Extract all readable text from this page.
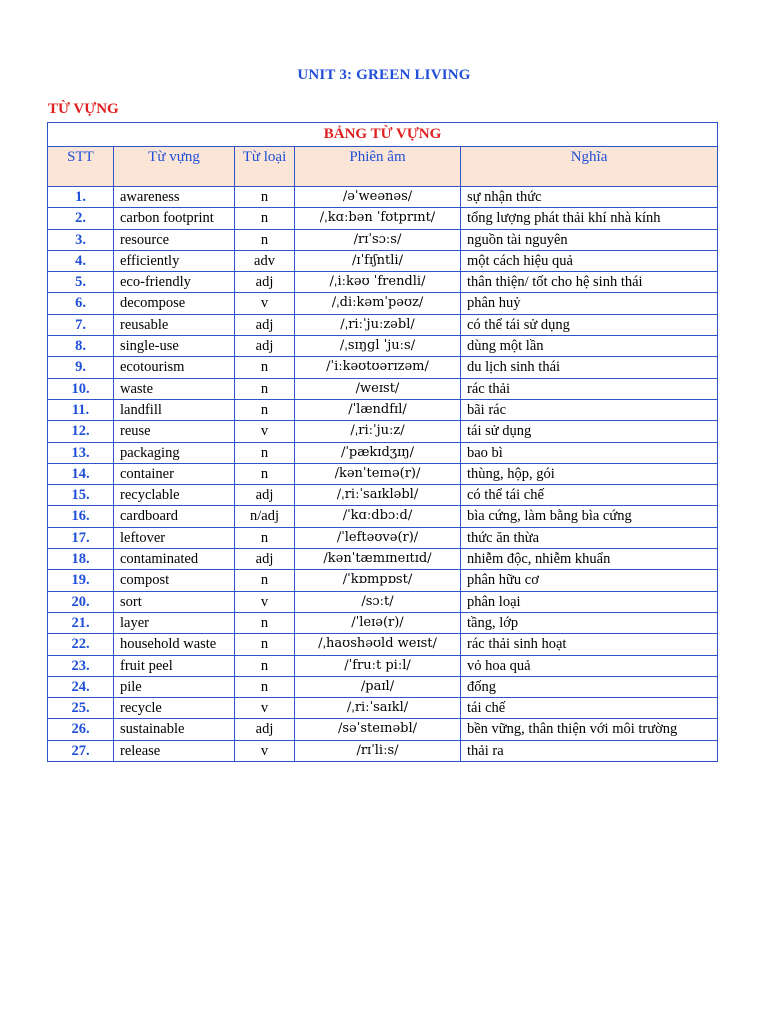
UNIT 3: GREEN LIVING
TỪ VỰNG
BẢNG TỪ VỰNG				
STT	Từ vựng	Từ loại	Phiên âm	Nghĩa
1.	awareness	n	/əˈweənəs/	sự nhận thức
2.	carbon footprint	n	/ˌkɑːbən ˈfʊtprɪnt/	tổng lượng phát thải khí nhà kính
3.	resource	n	/rɪˈsɔːs/	nguồn tài nguyên
4.	efficiently	adv	/ɪˈfɪʃntli/	một cách hiệu quả
5.	eco-friendly	adj	/ˌiːkəʊ ˈfrendli/	thân thiện/ tốt cho hệ sinh thái
6.	decompose	v	/ˌdiːkəmˈpəʊz/	phân huỷ
7.	reusable	adj	/ˌriːˈjuːzəbl/	có thể tái sử dụng
8.	single-use	adj	/ˌsɪŋɡl ˈjuːs/	dùng một lần
9.	ecotourism	n	/ˈiːkəʊtʊərɪzəm/	du lịch sinh thái
10.	waste	n	/weɪst/	rác thải
11.	landfill	n	/ˈlændfɪl/	bãi rác
12.	reuse	v	/ˌriːˈjuːz/	tái sử dụng
13.	packaging	n	/ˈpækɪdʒɪŋ/	bao bì
14.	container	n	/kənˈteɪnə(r)/	thùng, hộp, gói
15.	recyclable	adj	/ˌriːˈsaɪkləbl/	có thể tái chế
16.	cardboard	n/adj	/ˈkɑːdbɔːd/	bìa cứng, làm bằng bìa cứng
17.	leftover	n	/ˈleftəʊvə(r)/	thức ăn thừa
18.	contaminated	adj	/kənˈtæmɪneɪtɪd/	nhiễm độc, nhiễm khuẩn
19.	compost	n	/ˈkɒmpɒst/	phân hữu cơ
20.	sort	v	/sɔːt/	phân loại
21.	layer	n	/ˈleɪə(r)/	tầng, lớp
22.	household waste	n	/ˌhaʊshəʊld weɪst/	rác thải sinh hoạt
23.	fruit peel	n	/ˈfruːt piːl/	vỏ hoa quả
24.	pile	n	/paɪl/	đống
25.	recycle	v	/ˌriːˈsaɪkl/	tái chế
26.	sustainable	adj	/səˈsteɪnəbl/	bền vững, thân thiện với môi trường
27.	release	v	/rɪˈliːs/	thải ra
